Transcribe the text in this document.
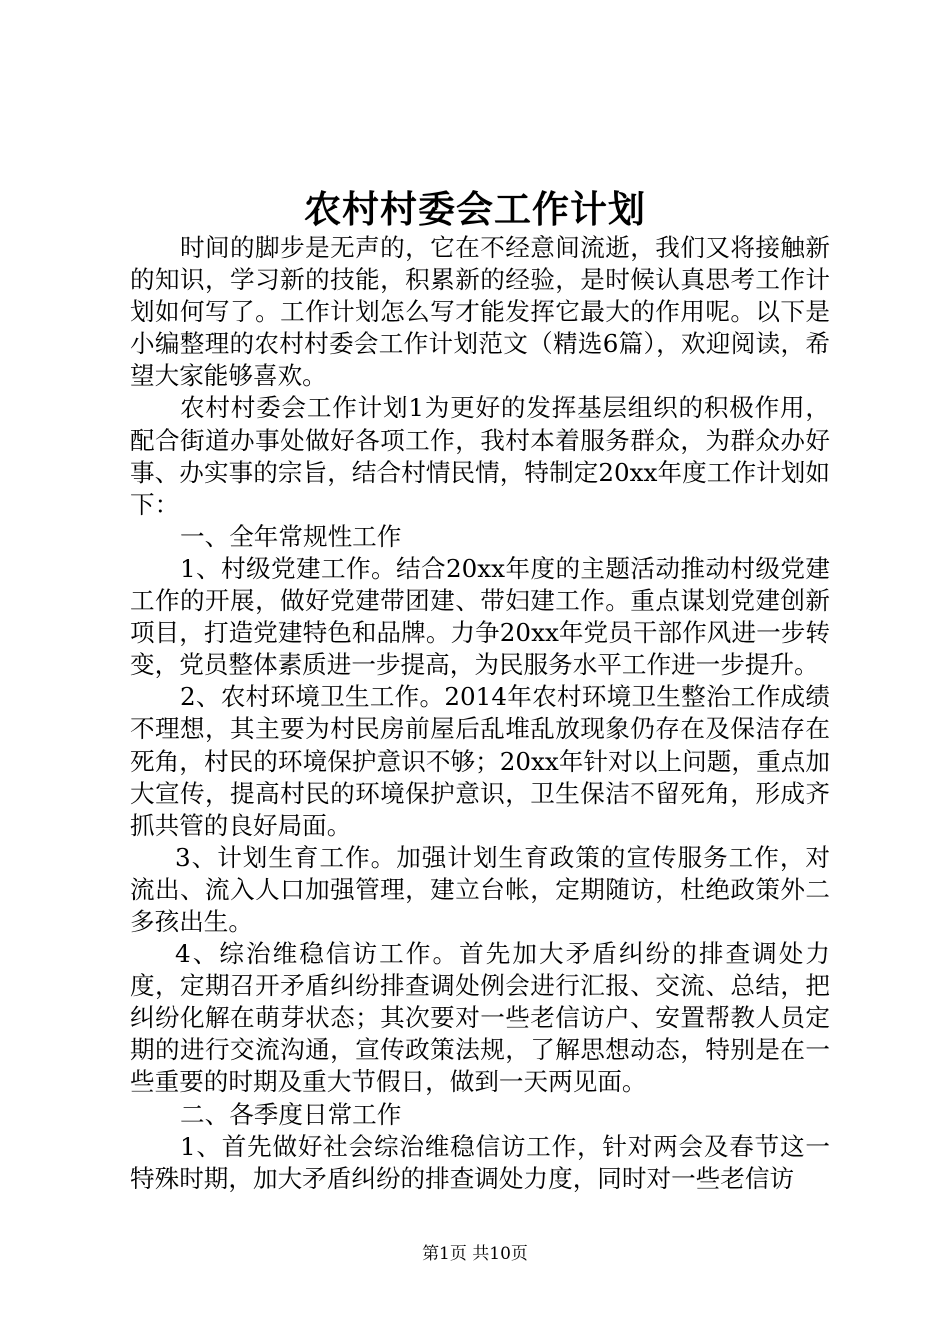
农村村委会工作计划

时间的脚步是无声的，它在不经意间流逝，我们又将接触新的知识，学习新的技能，积累新的经验，是时候认真思考工作计划如何写了。工作计划怎么写才能发挥它最大的作用呢。以下是小编整理的农村村委会工作计划范文（精选6篇），欢迎阅读，希望大家能够喜欢。

农村村委会工作计划1为更好的发挥基层组织的积极作用，配合街道办事处做好各项工作，我村本着服务群众，为群众办好事、办实事的宗旨，结合村情民情，特制定20xx年度工作计划如下：

一、全年常规性工作

1、村级党建工作。结合20xx年度的主题活动推动村级党建工作的开展，做好党建带团建、带妇建工作。重点谋划党建创新项目，打造党建特色和品牌。力争20xx年党员干部作风进一步转变，党员整体素质进一步提高，为民服务水平工作进一步提升。

2、农村环境卫生工作。2014年农村环境卫生整治工作成绩不理想，其主要为村民房前屋后乱堆乱放现象仍存在及保洁存在死角，村民的环境保护意识不够；20xx年针对以上问题，重点加大宣传，提高村民的环境保护意识，卫生保洁不留死角，形成齐抓共管的良好局面。

3、计划生育工作。加强计划生育政策的宣传服务工作，对流出、流入人口加强管理，建立台帐，定期随访，杜绝政策外二多孩出生。

4、综治维稳信访工作。首先加大矛盾纠纷的排查调处力度，定期召开矛盾纠纷排查调处例会进行汇报、交流、总结，把纠纷化解在萌芽状态；其次要对一些老信访户、安置帮教人员定期的进行交流沟通，宣传政策法规，了解思想动态，特别是在一些重要的时期及重大节假日，做到一天两见面。

二、各季度日常工作

1、首先做好社会综治维稳信访工作，针对两会及春节这一特殊时期，加大矛盾纠纷的排查调处力度，同时对一些老信访

第1页 共10页
